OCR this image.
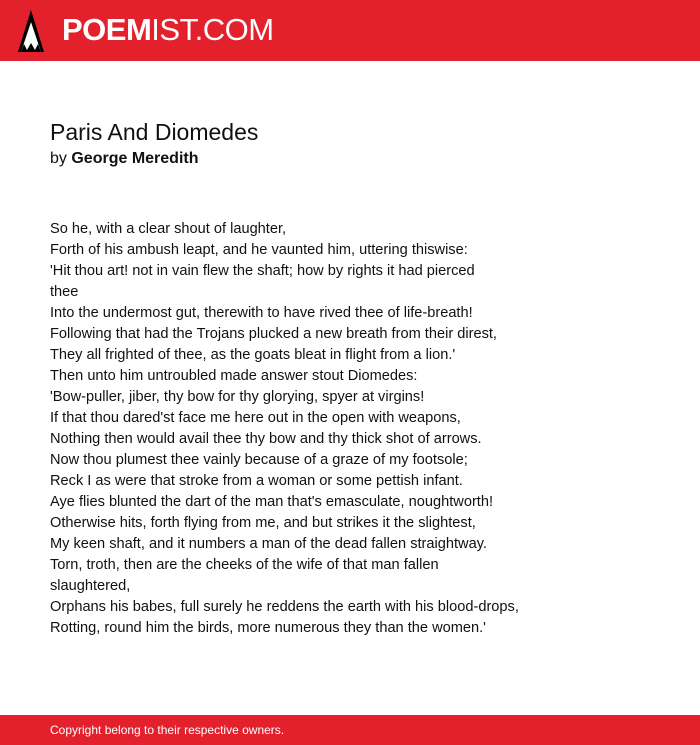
POEMIST.COM
Paris And Diomedes
by George Meredith
So he, with a clear shout of laughter,
Forth of his ambush leapt, and he vaunted him, uttering thiswise:
'Hit thou art! not in vain flew the shaft; how by rights it had pierced
thee
Into the undermost gut, therewith to have rived thee of life-breath!
Following that had the Trojans plucked a new breath from their direst,
They all frighted of thee, as the goats bleat in flight from a lion.'
Then unto him untroubled made answer stout Diomedes:
'Bow-puller, jiber, thy bow for thy glorying, spyer at virgins!
If that thou dared'st face me here out in the open with weapons,
Nothing then would avail thee thy bow and thy thick shot of arrows.
Now thou plumest thee vainly because of a graze of my footsole;
Reck I as were that stroke from a woman or some pettish infant.
Aye flies blunted the dart of the man that's emasculate, noughtworth!
Otherwise hits, forth flying from me, and but strikes it the slightest,
My keen shaft, and it numbers a man of the dead fallen straightway.
Torn, troth, then are the cheeks of the wife of that man fallen
slaughtered,
Orphans his babes, full surely he reddens the earth with his blood-drops,
Rotting, round him the birds, more numerous they than the women.'
Copyright belong to their respective owners.
